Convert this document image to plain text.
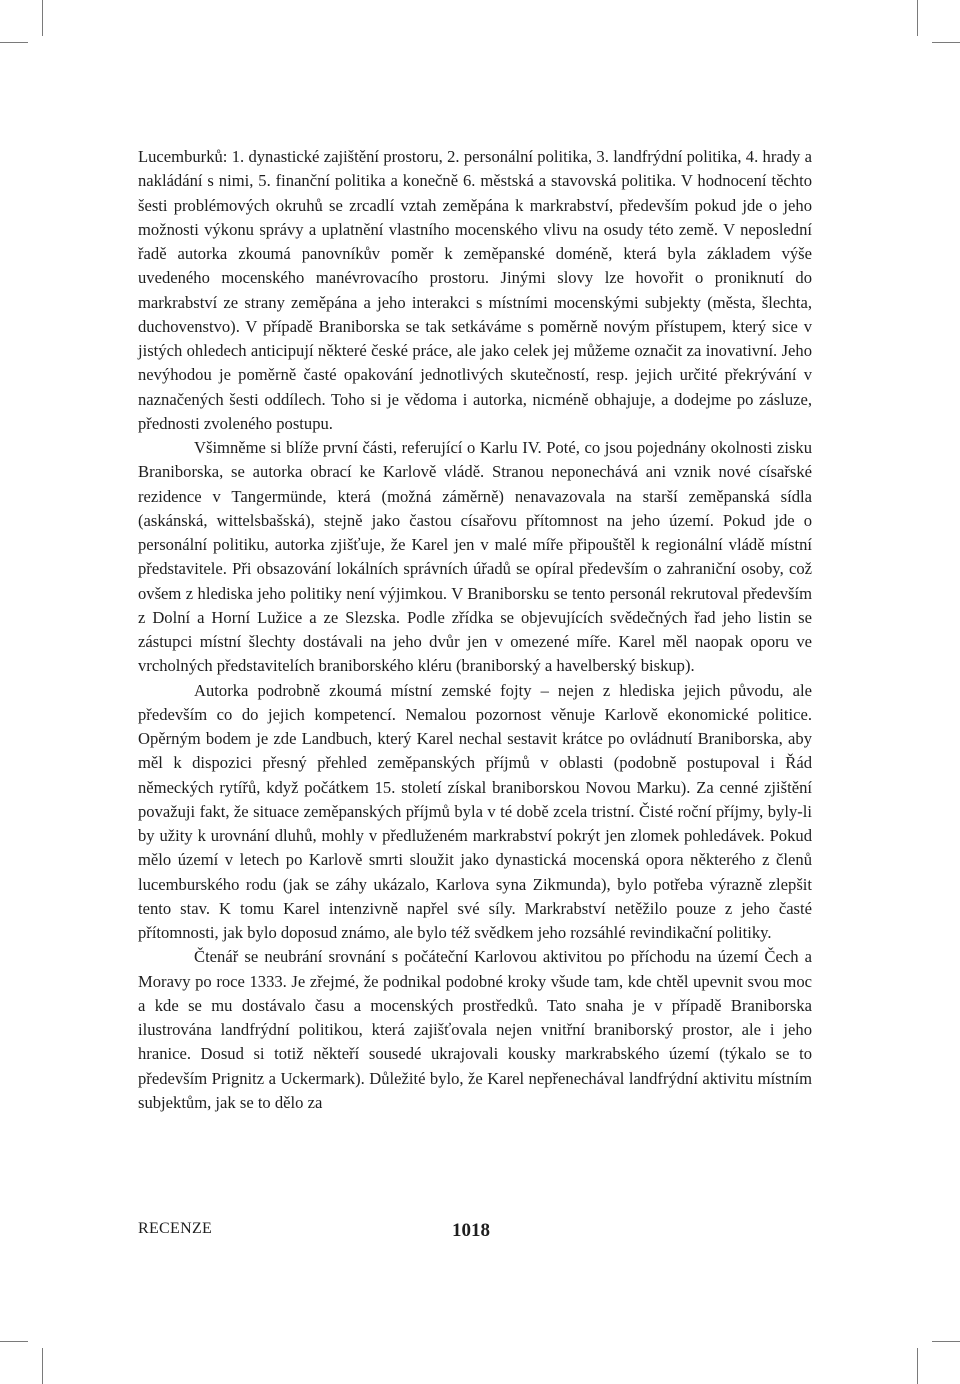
Lucemburků: 1. dynastické zajištění prostoru, 2. personální politika, 3. landfrýdní politika, 4. hrady a nakládání s nimi, 5. finanční politika a konečně 6. městská a stavovská politika. V hodnocení těchto šesti problémových okruhů se zrcadlí vztah zeměpána k markrabství, především pokud jde o jeho možnosti výkonu správy a uplatnění vlastního mocenského vlivu na osudy této země. V neposlední řadě autorka zkoumá panovníkův poměr k zeměpanské doméně, která byla základem výše uvedeného mocenského manévrovacího prostoru. Jinými slovy lze hovořit o proniknutí do markrabství ze strany zeměpána a jeho interakci s místními mocenskými subjekty (města, šlechta, duchovenstvo). V případě Braniborska se tak setkáváme s poměrně novým přístupem, který sice v jistých ohledech anticipují některé české práce, ale jako celek jej můžeme označit za inovativní. Jeho nevýhodou je poměrně časté opakování jednotlivých skutečností, resp. jejich určité překrývání v naznačených šesti oddílech. Toho si je vědoma i autorka, nicméně obhajuje, a dodejme po zásluze, přednosti zvoleného postupu.

Všimněme si blíže první části, referující o Karlu IV. Poté, co jsou pojednány okolnosti zisku Braniborska, se autorka obrací ke Karlově vládě. Stranou neponechává ani vznik nové císařské rezidence v Tangermünde, která (možná záměrně) nenavazovala na starší zeměpanská sídla (askánská, wittelsbašská), stejně jako častou císařovu přítomnost na jeho území. Pokud jde o personální politiku, autorka zjišťuje, že Karel jen v malé míře připouštěl k regionální vládě místní představitele. Při obsazování lokálních správních úřadů se opíral především o zahraniční osoby, což ovšem z hlediska jeho politiky není výjimkou. V Braniborsku se tento personál rekrutoval především z Dolní a Horní Lužice a ze Slezska. Podle zřídka se objevujících svědečných řad jeho listin se zástupci místní šlechty dostávali na jeho dvůr jen v omezené míře. Karel měl naopak oporu ve vrcholných představitelích braniborského kléru (braniborský a havelberský biskup).

Autorka podrobně zkoumá místní zemské fojty – nejen z hlediska jejich původu, ale především co do jejich kompetencí. Nemalou pozornost věnuje Karlově ekonomické politice. Opěrným bodem je zde Landbuch, který Karel nechal sestavit krátce po ovládnutí Braniborska, aby měl k dispozici přesný přehled zeměpanských příjmů v oblasti (podobně postupoval i Řád německých rytířů, když počátkem 15. století získal braniborskou Novou Marku). Za cenné zjištění považuji fakt, že situace zeměpanských příjmů byla v té době zcela tristní. Čisté roční příjmy, byly-li by užity k urovnání dluhů, mohly v předluženém markrabství pokrýt jen zlomek pohledávek. Pokud mělo území v letech po Karlově smrti sloužit jako dynastická mocenská opora některého z členů lucemburského rodu (jak se záhy ukázalo, Karlova syna Zikmunda), bylo potřeba výrazně zlepšit tento stav. K tomu Karel intenzivně napřel své síly. Markrabství netěžilo pouze z jeho časté přítomnosti, jak bylo doposud známo, ale bylo též svědkem jeho rozsáhlé revindikační politiky.

Čtenář se neubrání srovnání s počáteční Karlovou aktivitou po příchodu na území Čech a Moravy po roce 1333. Je zřejmé, že podnikal podobné kroky všude tam, kde chtěl upevnit svou moc a kde se mu dostávalo času a mocenských prostředků. Tato snaha je v případě Braniborska ilustrována landfrýdní politikou, která zajišťovala nejen vnitřní braniborský prostor, ale i jeho hranice. Dosud si totiž někteří sousedé ukrajovali kousky markrabského území (týkalo se to především Prignitz a Uckermark). Důležité bylo, že Karel nepřenechával landfrýdní aktivitu místním subjektům, jak se to dělo za

RECENZE	1018
